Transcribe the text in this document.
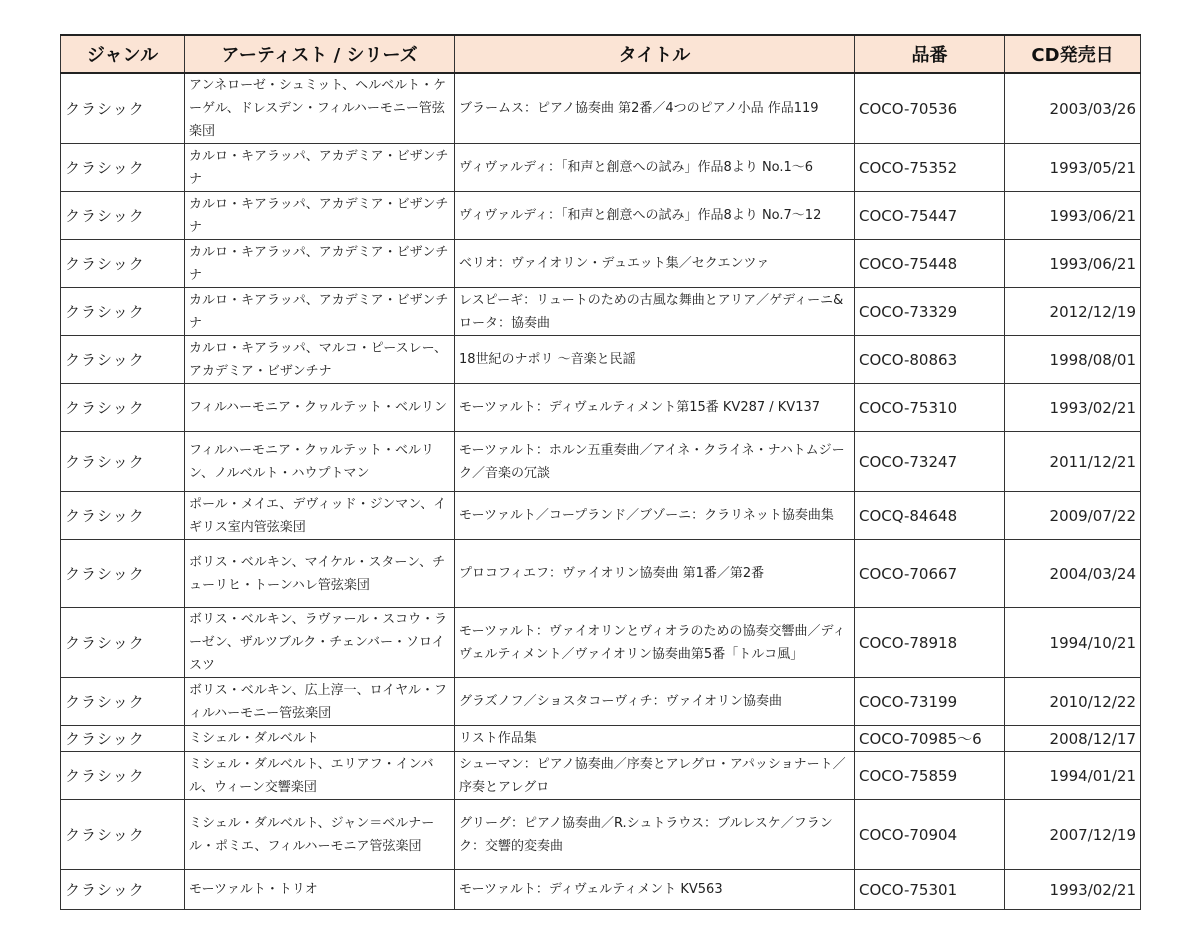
ジャンル	アーティスト / シリーズ	タイトル	品番	CD発売日

クラシック	アンネローゼ・シュミット、ヘルベルト・ケーゲル、ドレスデン・フィルハーモニー管弦楽団	ブラームス：ピアノ協奏曲 第2番／4つのピアノ小品 作品119	COCO-70536	2003/03/26

クラシック	カルロ・キアラッパ、アカデミア・ビザンチナ	ヴィヴァルディ：「和声と創意への試み」作品8より No.1〜6	COCO-75352	1993/05/21

クラシック	カルロ・キアラッパ、アカデミア・ビザンチナ	ヴィヴァルディ：「和声と創意への試み」作品8より No.7〜12	COCO-75447	1993/06/21

クラシック	カルロ・キアラッパ、アカデミア・ビザンチナ	ベリオ：ヴァイオリン・デュエット集／セクエンツァ	COCO-75448	1993/06/21

クラシック	カルロ・キアラッパ、アカデミア・ビザンチナ	レスピーギ：リュートのための古風な舞曲とアリア／ゲディーニ&ロータ：協奏曲	COCO-73329	2012/12/19

クラシック	カルロ・キアラッパ、マルコ・ピースレー、アカデミア・ビザンチナ	18世紀のナポリ 〜音楽と民謡	COCO-80863	1998/08/01

クラシック	フィルハーモニア・クヮルテット・ベルリン	モーツァルト：ディヴェルティメント第15番 KV287 / KV137	COCO-75310	1993/02/21

クラシック	フィルハーモニア・クヮルテット・ベルリン、ノルベルト・ハウプトマン	モーツァルト：ホルン五重奏曲／アイネ・クライネ・ナハトムジーク／音楽の冗談	COCO-73247	2011/12/21

クラシック	ポール・メイエ、デヴィッド・ジンマン、イギリス室内管弦楽団	モーツァルト／コープランド／ブゾーニ：クラリネット協奏曲集	COCQ-84648	2009/07/22

クラシック	ボリス・ベルキン、マイケル・スターン、チューリヒ・トーンハレ管弦楽団	プロコフィエフ：ヴァイオリン協奏曲 第1番／第2番	COCO-70667	2004/03/24

クラシック	ボリス・ベルキン、ラヴァール・スコウ・ラーゼン、ザルツブルク・チェンバー・ソロイスツ	モーツァルト：ヴァイオリンとヴィオラのための協奏交響曲／ディヴェルティメント／ヴァイオリン協奏曲第5番「トルコ風」	COCO-78918	1994/10/21

クラシック	ボリス・ベルキン、広上淳一、ロイヤル・フィルハーモニー管弦楽団	グラズノフ／ショスタコーヴィチ：ヴァイオリン協奏曲	COCO-73199	2010/12/22

クラシック	ミシェル・ダルベルト	リスト作品集	COCO-70985〜6	2008/12/17

クラシック	ミシェル・ダルベルト、エリアフ・インバル、ウィーン交響楽団	シューマン：ピアノ協奏曲／序奏とアレグロ・アパッショナート／序奏とアレグロ	COCO-75859	1994/01/21

クラシック	ミシェル・ダルベルト、ジャン＝ベルナール・ポミエ、フィルハーモニア管弦楽団	グリーグ：ピアノ協奏曲／R.シュトラウス：ブルレスケ／フランク：交響的変奏曲	COCO-70904	2007/12/19

クラシック	モーツァルト・トリオ	モーツァルト：ディヴェルティメント KV563	COCO-75301	1993/02/21
